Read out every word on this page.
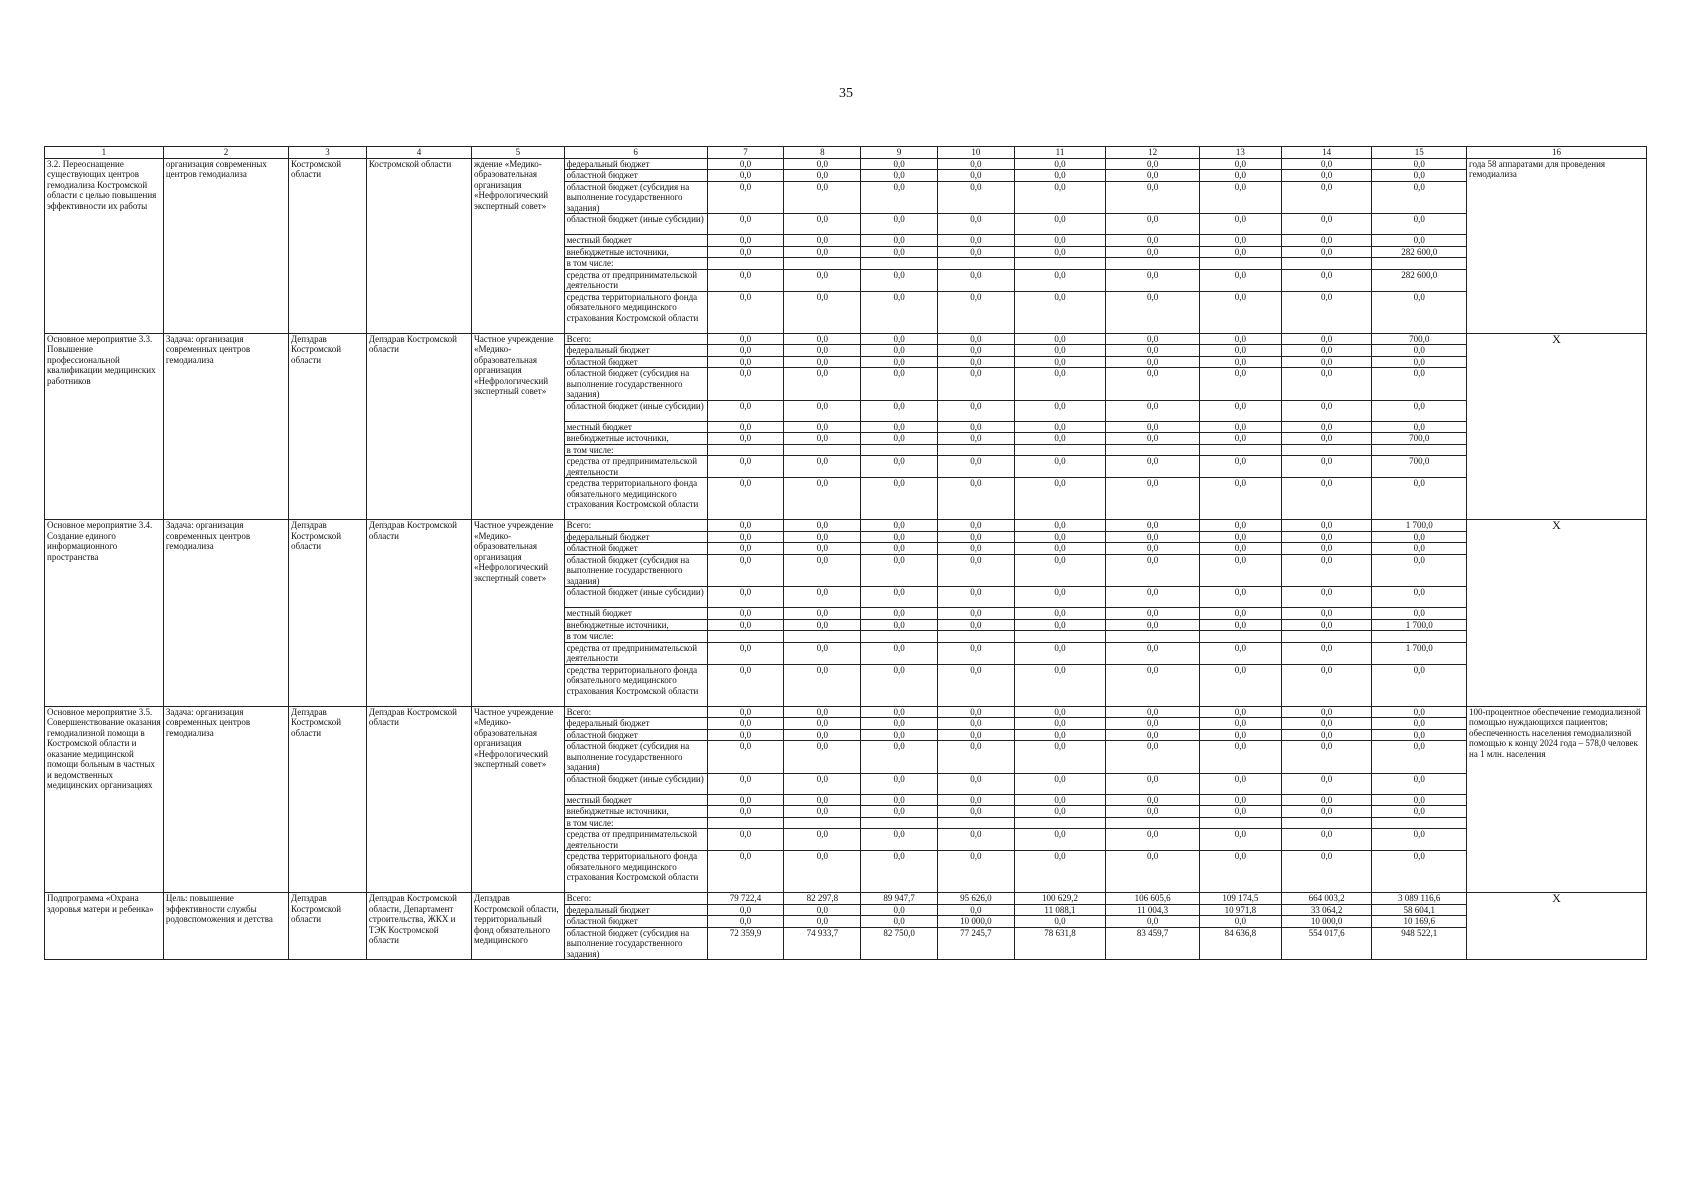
35
1	2	3	4	5	6	7	8	9	10	11	12	13	14	15	16
3.2. Переоснащение существующих центров гемодиализа Костромской области с целью повышения эффективности их работы	организация современных центров гемодиализа	Костромской области	Костромской области	ждение «Медико-образовательная организация «Нефрологический экспертный совет»	федеральный бюджет	0,0	0,0	0,0	0,0	0,0	0,0	0,0	0,0	0,0	года 58 аппаратами для проведения гемодиализа
					областной бюджет	0,0	0,0	0,0	0,0	0,0	0,0	0,0	0,0	0,0	
					областной бюджет (субсидия на выполнение государственного задания)	0,0	0,0	0,0	0,0	0,0	0,0	0,0	0,0	0,0	
					областной бюджет (иные субсидии)	0,0	0,0	0,0	0,0	0,0	0,0	0,0	0,0	0,0	
					местный бюджет	0,0	0,0	0,0	0,0	0,0	0,0	0,0	0,0	0,0	
					внебюджетные источники,	0,0	0,0	0,0	0,0	0,0	0,0	0,0	0,0	282 600,0	
					в том числе:										
					средства от предпринимательской деятельности	0,0	0,0	0,0	0,0	0,0	0,0	0,0	0,0	282 600,0	
					средства территориального фонда обязательного медицинского страхования Костромской области	0,0	0,0	0,0	0,0	0,0	0,0	0,0	0,0	0,0	
Основное мероприятие 3.3. Повышение профессиональной квалификации медицинских работников	Задача: организация современных центров гемодиализа	Депздрав Костромской области	Депздрав Костромской области	Частное учреждение «Медико-образовательная организация «Нефрологический экспертный совет»	Всего:	0,0	0,0	0,0	0,0	0,0	0,0	0,0	0,0	700,0	X
					федеральный бюджет	0,0	0,0	0,0	0,0	0,0	0,0	0,0	0,0	0,0	
					областной бюджет	0,0	0,0	0,0	0,0	0,0	0,0	0,0	0,0	0,0	
					областной бюджет (субсидия на выполнение государственного задания)	0,0	0,0	0,0	0,0	0,0	0,0	0,0	0,0	0,0	
					областной бюджет (иные субсидии)	0,0	0,0	0,0	0,0	0,0	0,0	0,0	0,0	0,0	
					местный бюджет	0,0	0,0	0,0	0,0	0,0	0,0	0,0	0,0	0,0	
					внебюджетные источники,	0,0	0,0	0,0	0,0	0,0	0,0	0,0	0,0	700,0	
					в том числе:										
					средства от предпринимательской деятельности	0,0	0,0	0,0	0,0	0,0	0,0	0,0	0,0	700,0	
					средства территориального фонда обязательного медицинского страхования Костромской области	0,0	0,0	0,0	0,0	0,0	0,0	0,0	0,0	0,0	
Основное мероприятие 3.4. Создание единого информационного пространства	Задача: организация современных центров гемодиализа	Депздрав Костромской области	Депздрав Костромской области	Частное учреждение «Медико-образовательная организация «Нефрологический экспертный совет»	Всего:	0,0	0,0	0,0	0,0	0,0	0,0	0,0	0,0	1 700,0	X
					федеральный бюджет	0,0	0,0	0,0	0,0	0,0	0,0	0,0	0,0	0,0	
					областной бюджет	0,0	0,0	0,0	0,0	0,0	0,0	0,0	0,0	0,0	
					областной бюджет (субсидия на выполнение государственного задания)	0,0	0,0	0,0	0,0	0,0	0,0	0,0	0,0	0,0	
					областной бюджет (иные субсидии)	0,0	0,0	0,0	0,0	0,0	0,0	0,0	0,0	0,0	
					местный бюджет	0,0	0,0	0,0	0,0	0,0	0,0	0,0	0,0	0,0	
					внебюджетные источники,	0,0	0,0	0,0	0,0	0,0	0,0	0,0	0,0	1 700,0	
					в том числе:										
					средства от предпринимательской деятельности	0,0	0,0	0,0	0,0	0,0	0,0	0,0	0,0	1 700,0	
					средства территориального фонда обязательного медицинского страхования Костромской области	0,0	0,0	0,0	0,0	0,0	0,0	0,0	0,0	0,0	
Основное мероприятие 3.5. Совершенствование оказания гемодиализной помощи в Костромской области и оказание медицинской помощи больным в частных и ведомственных медицинских организациях	Задача: организация современных центров гемодиализа	Депздрав Костромской области	Депздрав Костромской области	Частное учреждение «Медико-образовательная организация «Нефрологический экспертный совет»	Всего:	0,0	0,0	0,0	0,0	0,0	0,0	0,0	0,0	0,0	100-процентное обеспечение гемодиализной помощью нуждающихся пациентов; обеспеченность населения гемодиализной помощью к концу 2024 года – 578,0 человек на 1 млн. населения
					федеральный бюджет	0,0	0,0	0,0	0,0	0,0	0,0	0,0	0,0	0,0	
					областной бюджет	0,0	0,0	0,0	0,0	0,0	0,0	0,0	0,0	0,0	
					областной бюджет (субсидия на выполнение государственного задания)	0,0	0,0	0,0	0,0	0,0	0,0	0,0	0,0	0,0	
					областной бюджет (иные субсидии)	0,0	0,0	0,0	0,0	0,0	0,0	0,0	0,0	0,0	
					местный бюджет	0,0	0,0	0,0	0,0	0,0	0,0	0,0	0,0	0,0	
					внебюджетные источники,	0,0	0,0	0,0	0,0	0,0	0,0	0,0	0,0	0,0	
					в том числе:										
					средства от предпринимательской деятельности	0,0	0,0	0,0	0,0	0,0	0,0	0,0	0,0	0,0	
					средства территориального фонда обязательного медицинского страхования Костромской области	0,0	0,0	0,0	0,0	0,0	0,0	0,0	0,0	0,0	
Подпрограмма «Охрана здоровья матери и ребенка»	Цель: повышение эффективности службы родовспоможения и детства	Депздрав Костромской области	Депздрав Костромской области, Департамент строительства, ЖКХ и ТЭК Костромской области	Депздрав Костромской области, территориальный фонд обязательного медицинского	Всего:	79 722,4	82 297,8	89 947,7	95 626,0	100 629,2	106 605,6	109 174,5	664 003,2	3 089 116,6	X
					федеральный бюджет	0,0	0,0	0,0	0,0	11 088,1	11 004,3	10 971,8	33 064,2	58 604,1	
					областной бюджет	0,0	0,0	0,0	10 000,0	0,0	0,0	0,0	10 000,0	10 169,6	
					областной бюджет (субсидия на выполнение государственного задания)	72 359,9	74 933,7	82 750,0	77 245,7	78 631,8	83 459,7	84 636,8	554 017,6	948 522,1	
